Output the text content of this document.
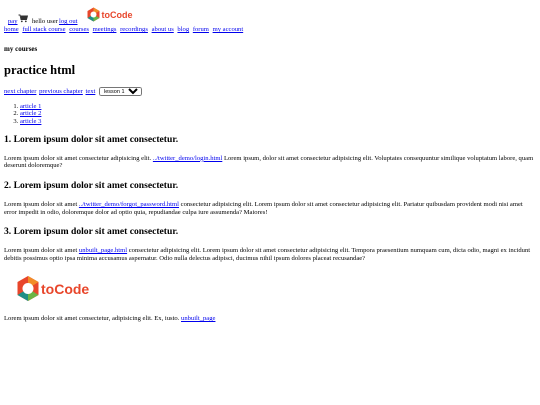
pay hello user log out
toCode
home full stack course courses meetings recordings about us blog forum my account
my courses
practice html
next chapter previous chapter text
lesson 1
1. article 1
2. article 2
3. article 3
1. Lorem ipsum dolor sit amet consectetur.

Lorem ipsum dolor sit amet consectetur adipisicing elit. ../twitter_demo/login.html Lorem ipsum, dolor sit amet consectetur adipisicing elit. Voluptates consequuntur similique voluptatum labore, quam deserunt doloremque?

2. Lorem ipsum dolor sit amet consectetur.

Lorem ipsum dolor sit amet ../twitter_demo/forgot_password.html consectetur adipisicing elit. Lorem ipsum dolor sit amet consectetur adipisicing elit. Pariatur quibusdam provident modi nisi amet error impedit in odio, doloremque dolor ad optio quia, repudiandae culpa iure assumenda? Maiores!

3. Lorem ipsum dolor sit amet consectetur.

Lorem ipsum dolor sit amet unbuilt_page.html consectetur adipisicing elit. Lorem ipsum dolor sit amet consectetur adipisicing elit. Tempora praesentium numquam cum, dicta odio, magni ex incidunt debitis possimus optio ipsa minima accusamus aspernatur. Odio nulla delectus adipisci, ducimus nihil ipsum dolores placeat recusandae?

toCode

Lorem ipsum dolor sit amet consectetur, adipisicing elit. Ex, iusto. unbuilt_page
